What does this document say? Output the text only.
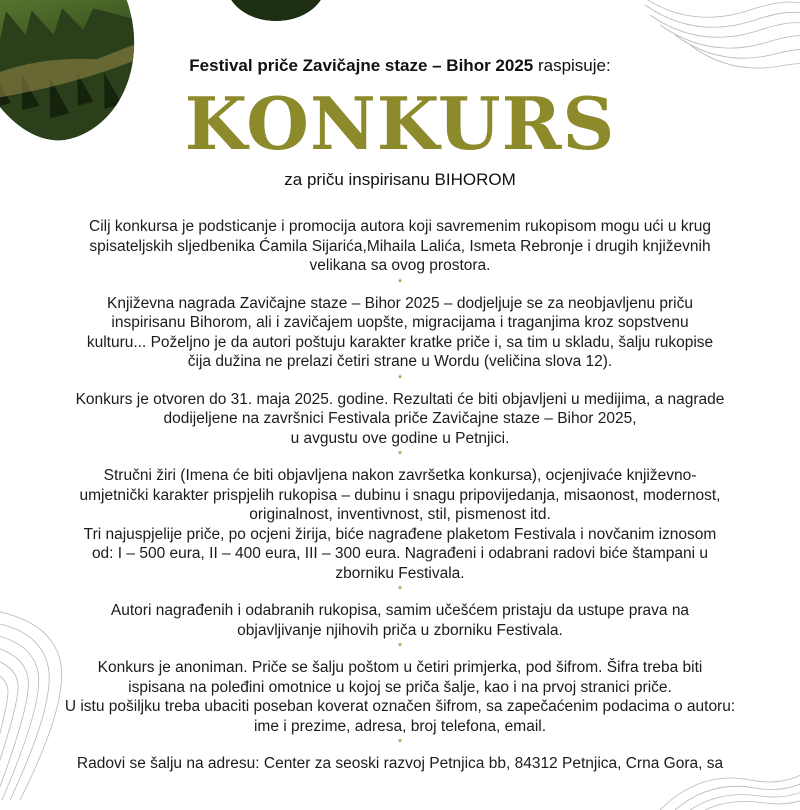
Festival priče Zavičajne staze – Bihor 2025 raspisuje:
KONKURS
za priču inspirisanu BIHOROM

Cilj konkursa je podsticanje i promocija autora koji savremenim rukopisom mogu ući u krug
spisateljskih sljedbenika Ćamila Sijarića,Mihaila Lalića, Ismeta Rebronje i drugih književnih
velikana sa ovog prostora.

*

Književna nagrada Zavičajne staze – Bihor 2025 – dodjeljuje se za neobjavljenu priču
inspirisanu Bihorom, ali i zavičajem uopšte, migracijama i traganjima kroz sopstvenu
kulturu... Poželjno je da autori poštuju karakter kratke priče i, sa tim u skladu, šalju rukopise
čija dužina ne prelazi četiri strane u Wordu (veličina slova 12).

*

Konkurs je otvoren do 31. maja 2025. godine. Rezultati će biti objavljeni u medijima, a nagrade
dodijeljene na završnici Festivala priče Zavičajne staze – Bihor 2025,
u avgustu ove godine u Petnjici.

*

Stručni žiri (Imena će biti objavljena nakon završetka konkursa), ocjenjivaće književno-
umjetnički karakter prispjelih rukopisa – dubinu i snagu pripovijedanja, misaonost, modernost,
originalnost, inventivnost, stil, pismenost itd.
Tri najuspjelije priče, po ocjeni žirija, biće nagrađene plaketom Festivala i novčanim iznosom
od: I – 500 eura, II – 400 eura, III – 300 eura. Nagrađeni i odabrani radovi biće štampani u
zborniku Festivala.

*

Autori nagrađenih i odabranih rukopisa, samim učešćem pristaju da ustupe prava na
objavljivanje njihovih priča u zborniku Festivala.

*

Konkurs je anoniman. Priče se šalju poštom u četiri primjerka, pod šifrom. Šifra treba biti
ispisana na poleđini omotnice u kojoj se priča šalje, kao i na prvoj stranici priče.
U istu pošiljku treba ubaciti poseban koverat označen šifrom, sa zapečaćenim podacima o autoru:
ime i prezime, adresa, broj telefona, email.

*

Radovi se šalju na adresu: Center za seoski razvoj Petnjica bb, 84312 Petnjica, Crna Gora, sa
